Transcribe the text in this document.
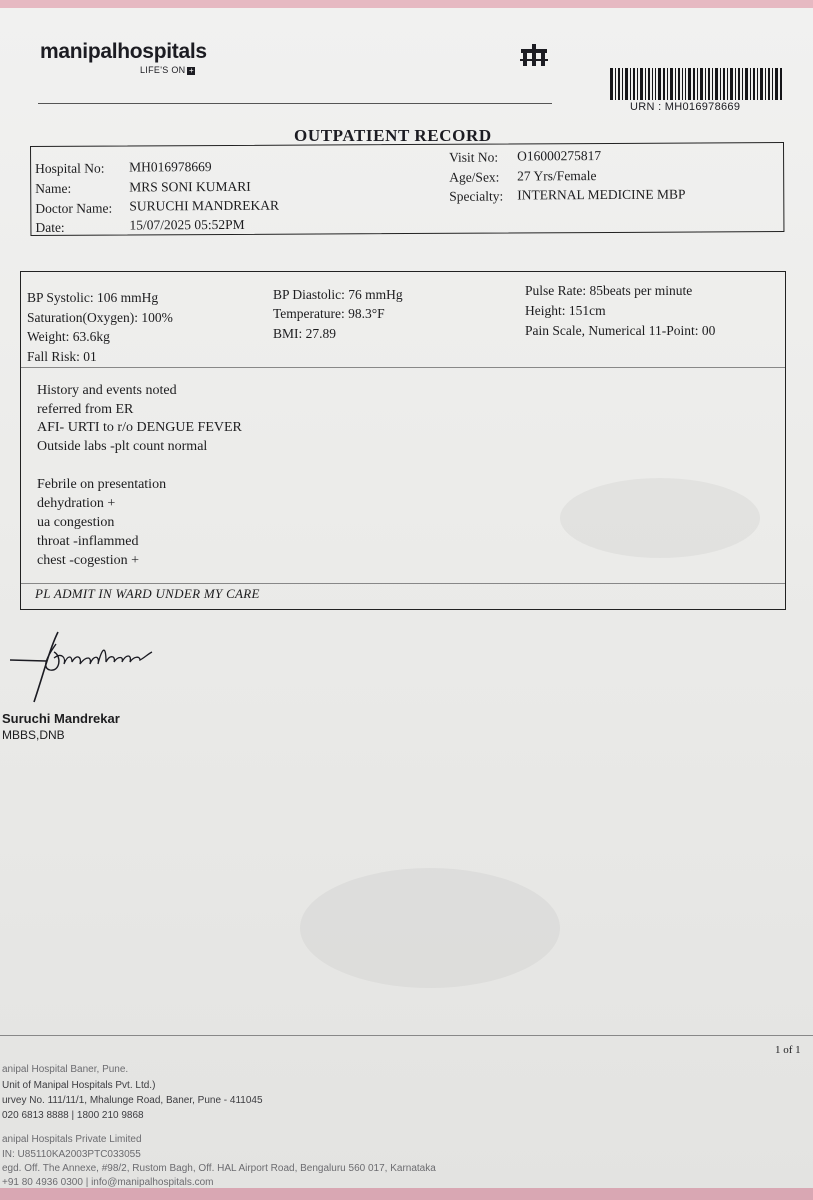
manipalhospitals
LIFE'S ON +
URN : MH016978669
OUTPATIENT RECORD
Hospital No: MH016978669
Name:	MRS SONI KUMARI
Doctor Name: SURUCHI MANDREKAR
Date:	15/07/2025 05:52PM
Visit No: O16000275817
Age/Sex: 27 Yrs/Female
Specialty: INTERNAL MEDICINE MBP
BP Systolic: 106 mmHg
Saturation(Oxygen): 100%
Weight: 63.6kg
Fall Risk: 01
BP Diastolic: 76 mmHg
Temperature: 98.3°F
BMI: 27.89
Pulse Rate: 85beats per minute
Height: 151cm
Pain Scale, Numerical 11-Point: 00
History and events noted
referred from ER
AFI- URTI to r/o DENGUE FEVER
Outside labs -plt count normal
Febrile on presentation
dehydration +
ua congestion
throat -inflammed
chest -cogestion +
PL ADMIT IN WARD UNDER MY CARE
Suruchi Mandrekar
MBBS,DNB
1 of 1
anipal Hospital Baner, Pune.
Unit of Manipal Hospitals Pvt. Ltd.)
urvey No. 111/11/1, Mhalunge Road, Baner, Pune - 411045
020 6813 8888 | 1800 210 9868
anipal Hospitals Private Limited
IN: U85110KA2003PTC033055
egd. Off. The Annexe, #98/2, Rustom Bagh, Off. HAL Airport Road, Bengaluru 560 017, Karnataka
+91 80 4936 0300 | info@manipalhospitals.com
